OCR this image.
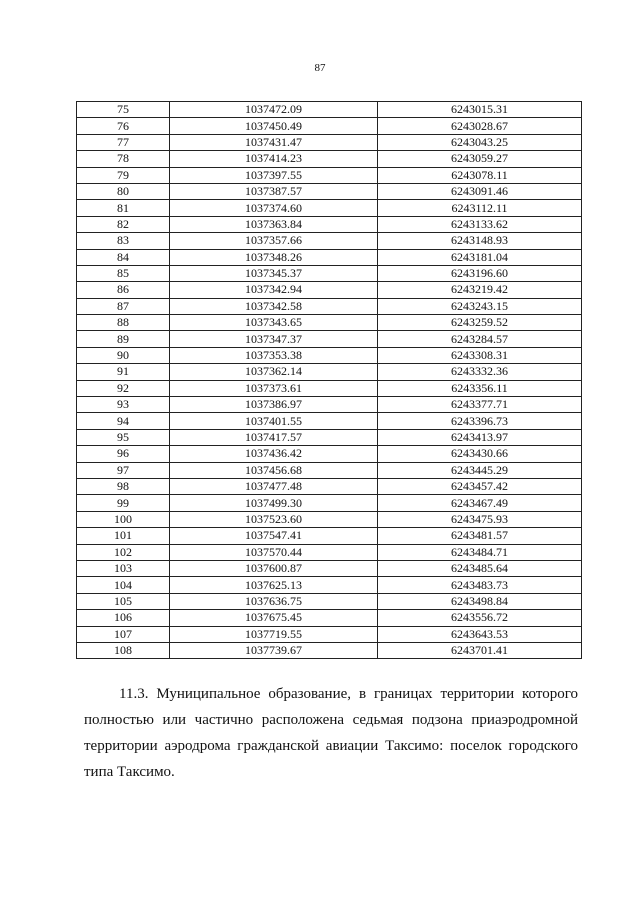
87
75	1037472.09	6243015.31
76	1037450.49	6243028.67
77	1037431.47	6243043.25
78	1037414.23	6243059.27
79	1037397.55	6243078.11
80	1037387.57	6243091.46
81	1037374.60	6243112.11
82	1037363.84	6243133.62
83	1037357.66	6243148.93
84	1037348.26	6243181.04
85	1037345.37	6243196.60
86	1037342.94	6243219.42
87	1037342.58	6243243.15
88	1037343.65	6243259.52
89	1037347.37	6243284.57
90	1037353.38	6243308.31
91	1037362.14	6243332.36
92	1037373.61	6243356.11
93	1037386.97	6243377.71
94	1037401.55	6243396.73
95	1037417.57	6243413.97
96	1037436.42	6243430.66
97	1037456.68	6243445.29
98	1037477.48	6243457.42
99	1037499.30	6243467.49
100	1037523.60	6243475.93
101	1037547.41	6243481.57
102	1037570.44	6243484.71
103	1037600.87	6243485.64
104	1037625.13	6243483.73
105	1037636.75	6243498.84
106	1037675.45	6243556.72
107	1037719.55	6243643.53
108	1037739.67	6243701.41
11.3. Муниципальное образование, в границах территории которого полностью или частично расположена седьмая подзона приаэродромной территории аэродрома гражданской авиации Таксимо: поселок городского типа Таксимо.
